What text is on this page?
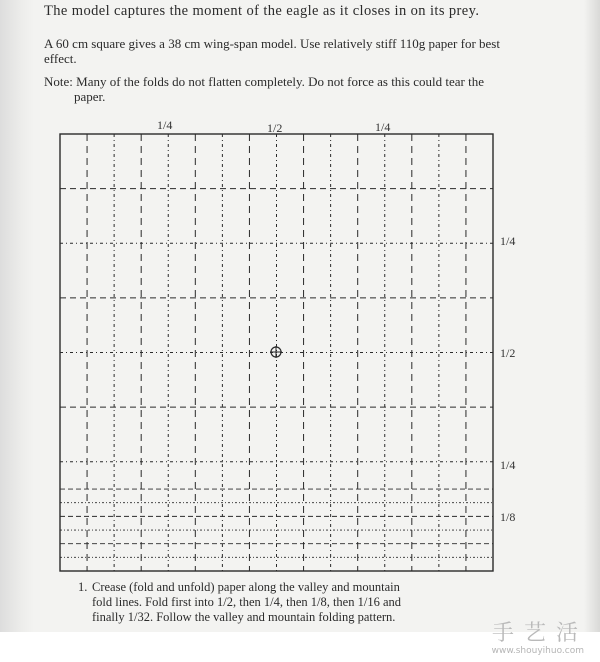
The model captures the moment of the eagle as it closes in on its prey.
A 60 cm square gives a 38 cm wing-span model. Use relatively stiff 110g paper for best effect.
Note: Many of the folds do not flatten completely. Do not force as this could tear the
paper.
1/4	1/2	1/4
1/4
1/2
1/4
1/8
1. Crease (fold and unfold) paper along the valley and mountain
fold lines. Fold first into 1/2, then 1/4, then 1/8, then 1/16 and
finally 1/32. Follow the valley and mountain folding pattern.
手艺活
www.shouyihuo.com
